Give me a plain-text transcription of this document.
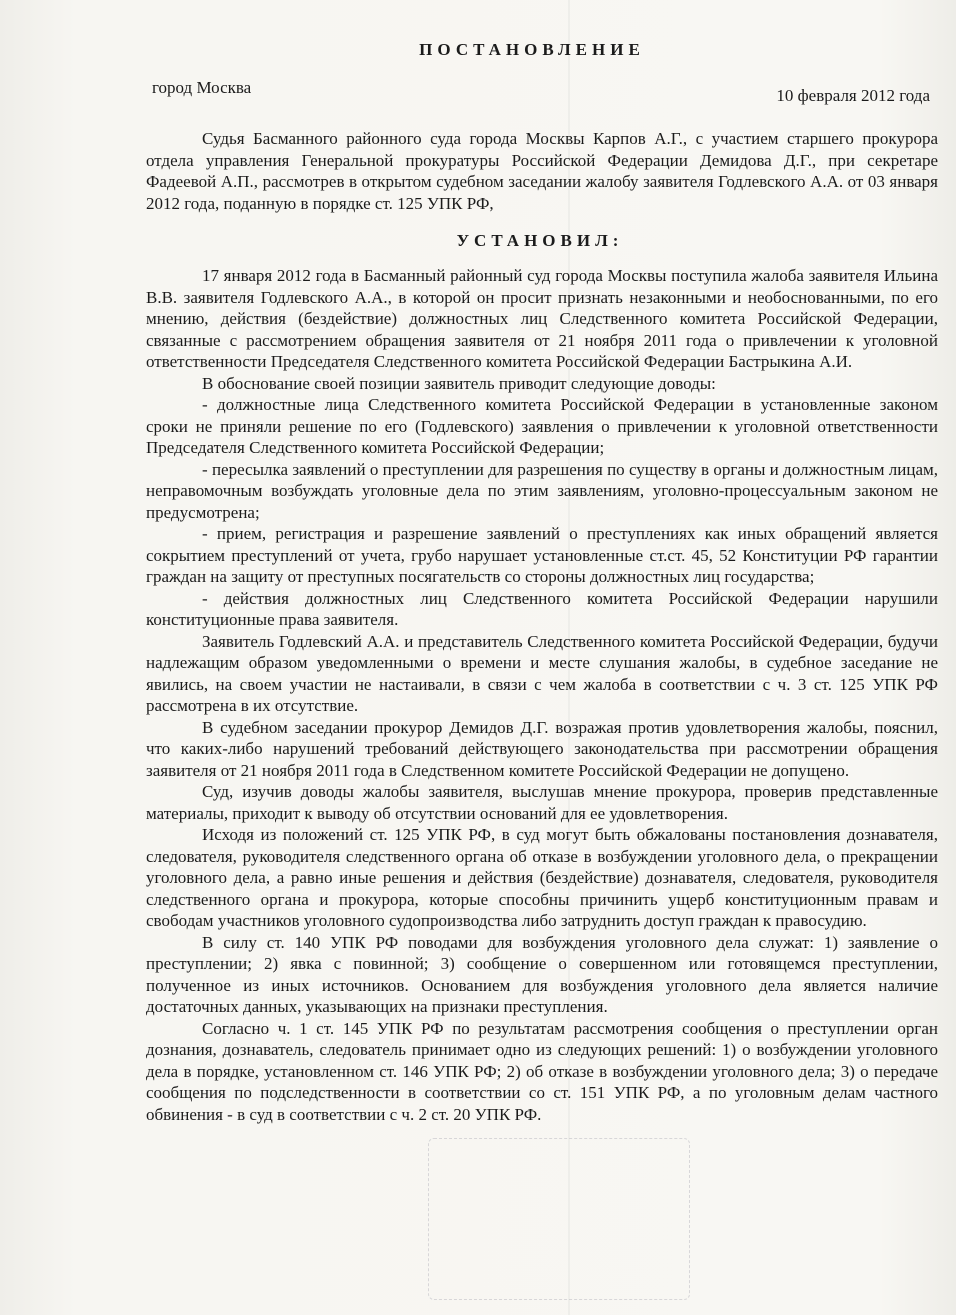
ПОСТАНОВЛЕНИЕ
город Москва	10 февраля 2012 года

Судья Басманного районного суда города Москвы Карпов А.Г., с участием старшего прокурора отдела управления Генеральной прокуратуры Российской Федерации Демидова Д.Г., при секретаре Фадеевой А.П., рассмотрев в открытом судебном заседании жалобу заявителя Годлевского А.А. от 03 января 2012 года, поданную в порядке ст. 125 УПК РФ,

УСТАНОВИЛ:

17 января 2012 года в Басманный районный суд города Москвы поступила жалоба заявителя Ильина В.В. заявителя Годлевского А.А., в которой он просит признать незаконными и необоснованными, по его мнению, действия (бездействие) должностных лиц Следственного комитета Российской Федерации, связанные с рассмотрением обращения заявителя от 21 ноября 2011 года о привлечении к уголовной ответственности Председателя Следственного комитета Российской Федерации Бастрыкина А.И.

В обоснование своей позиции заявитель приводит следующие доводы:

- должностные лица Следственного комитета Российской Федерации в установленные законом сроки не приняли решение по его (Годлевского) заявления о привлечении к уголовной ответственности Председателя Следственного комитета Российской Федерации;

- пересылка заявлений о преступлении для разрешения по существу в органы и должностным лицам, неправомочным возбуждать уголовные дела по этим заявлениям, уголовно-процессуальным законом не предусмотрена;

- прием, регистрация и разрешение заявлений о преступлениях как иных обращений является сокрытием преступлений от учета, грубо нарушает установленные ст.ст. 45, 52 Конституции РФ гарантии граждан на защиту от преступных посягательств со стороны должностных лиц государства;

- действия должностных лиц Следственного комитета Российской Федерации нарушили конституционные права заявителя.

Заявитель Годлевский А.А. и представитель Следственного комитета Российской Федерации, будучи надлежащим образом уведомленными о времени и месте слушания жалобы, в судебное заседание не явились, на своем участии не настаивали, в связи с чем жалоба в соответствии с ч. 3 ст. 125 УПК РФ рассмотрена в их отсутствие.

В судебном заседании прокурор Демидов Д.Г. возражая против удовлетворения жалобы, пояснил, что каких-либо нарушений требований действующего законодательства при рассмотрении обращения заявителя от 21 ноября 2011 года в Следственном комитете Российской Федерации не допущено.

Суд, изучив доводы жалобы заявителя, выслушав мнение прокурора, проверив представленные материалы, приходит к выводу об отсутствии оснований для ее удовлетворения.

Исходя из положений ст. 125 УПК РФ, в суд могут быть обжалованы постановления дознавателя, следователя, руководителя следственного органа об отказе в возбуждении уголовного дела, о прекращении уголовного дела, а равно иные решения и действия (бездействие) дознавателя, следователя, руководителя следственного органа и прокурора, которые способны причинить ущерб конституционным правам и свободам участников уголовного судопроизводства либо затруднить доступ граждан к правосудию.

В силу ст. 140 УПК РФ поводами для возбуждения уголовного дела служат: 1) заявление о преступлении; 2) явка с повинной; 3) сообщение о совершенном или готовящемся преступлении, полученное из иных источников. Основанием для возбуждения уголовного дела является наличие достаточных данных, указывающих на признаки преступления.

Согласно ч. 1 ст. 145 УПК РФ по результатам рассмотрения сообщения о преступлении орган дознания, дознаватель, следователь принимает одно из следующих решений: 1) о возбуждении уголовного дела в порядке, установленном ст. 146 УПК РФ; 2) об отказе в возбуждении уголовного дела; 3) о передаче сообщения по подследственности в соответствии со ст. 151 УПК РФ, а по уголовным делам частного обвинения - в суд в соответствии с ч. 2 ст. 20 УПК РФ.
